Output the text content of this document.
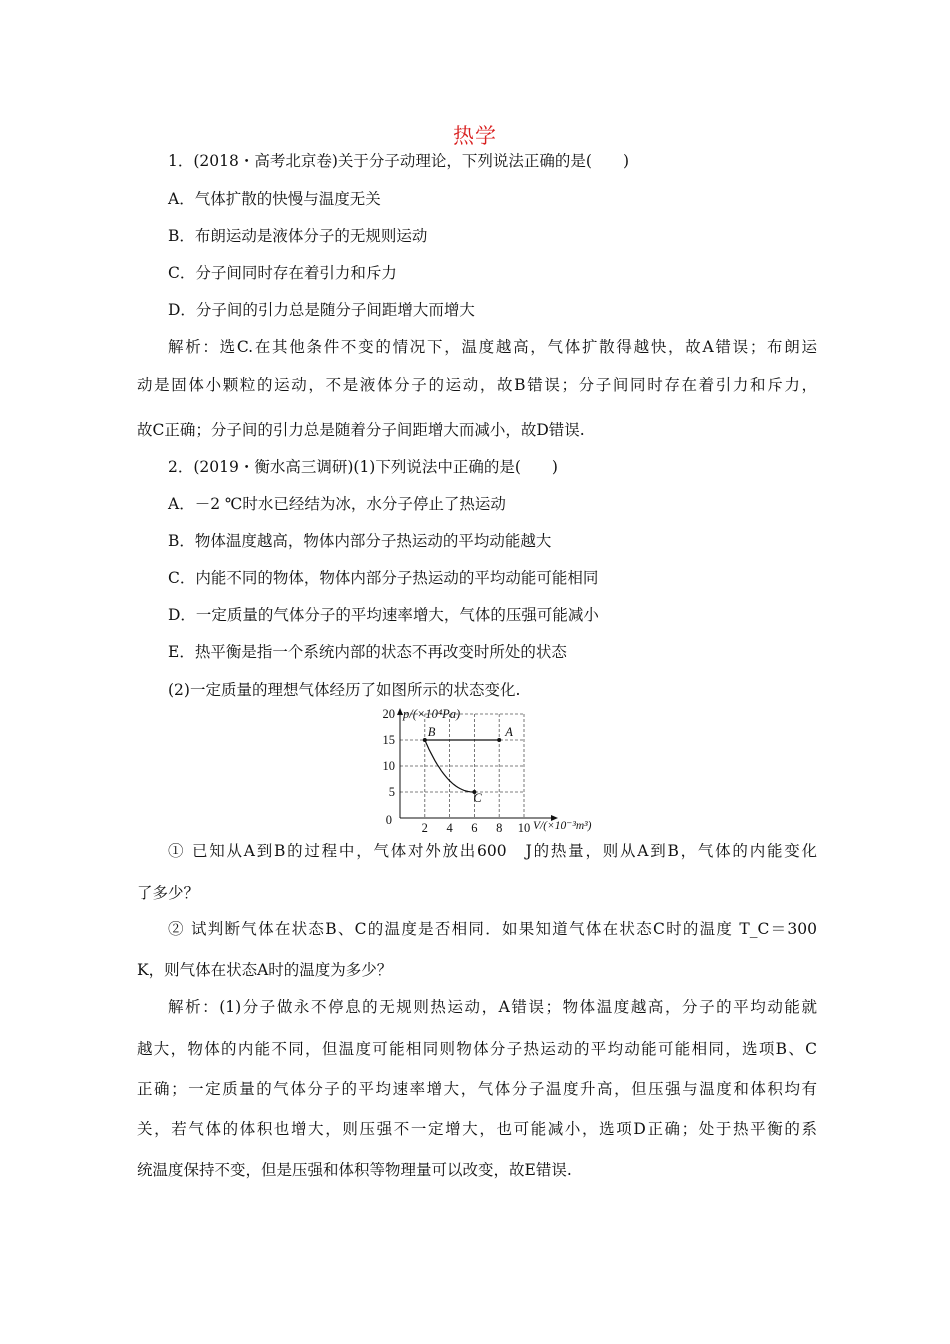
热学
1．(2018・高考北京卷)关于分子动理论，下列说法正确的是(　　)
A．气体扩散的快慢与温度无关
B．布朗运动是液体分子的无规则运动
C．分子间同时存在着引力和斥力
D．分子间的引力总是随分子间距增大而增大
解析：选C.在其他条件不变的情况下，温度越高，气体扩散得越快，故A错误；布朗运
动是固体小颗粒的运动，不是液体分子的运动，故B错误；分子间同时存在着引力和斥力，
故C正确；分子间的引力总是随着分子间距增大而减小，故D错误.
2．(2019・衡水高三调研)(1)下列说法中正确的是(　　)
A．－2 ℃时水已经结为冰，水分子停止了热运动
B．物体温度越高，物体内部分子热运动的平均动能越大
C．内能不同的物体，物体内部分子热运动的平均动能可能相同
D．一定质量的气体分子的平均速率增大，气体的压强可能减小
E．热平衡是指一个系统内部的状态不再改变时所处的状态
(2)一定质量的理想气体经历了如图所示的状态变化.
B	A
C
2 4 6 8 10
20
15
10
5
0
p/(×10⁴Pa)
V/(×10⁻³m³)
① 已知从A到B的过程中，气体对外放出600　J的热量，则从A到B，气体的内能变化
了多少？
② 试判断气体在状态B、C的温度是否相同．如果知道气体在状态C时的温度 T_C＝300
K，则气体在状态A时的温度为多少？
解析：(1)分子做永不停息的无规则热运动，A错误；物体温度越高，分子的平均动能就
越大，物体的内能不同，但温度可能相同则物体分子热运动的平均动能可能相同，选项B、C
正确；一定质量的气体分子的平均速率增大，气体分子温度升高，但压强与温度和体积均有
关，若气体的体积也增大，则压强不一定增大，也可能减小，选项D正确；处于热平衡的系
统温度保持不变，但是压强和体积等物理量可以改变，故E错误.
